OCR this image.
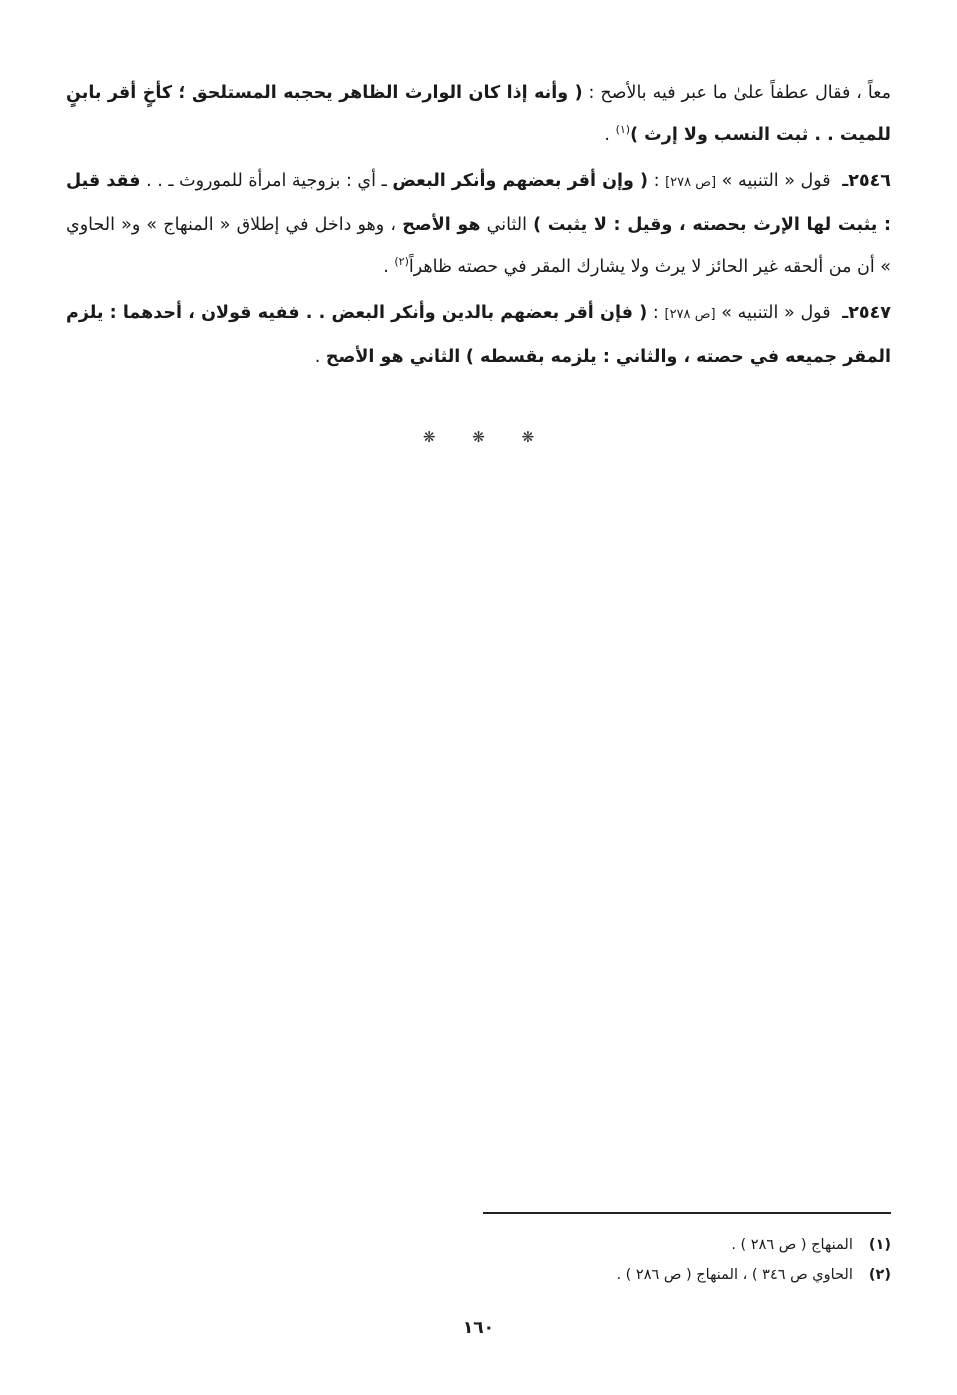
معاً ، فقال عطفاً علىٰ ما عبر فيه بالأصح : ( وأنه إذا كان الوارث الظاهر يحجبه المستلحق ؛ كأخٍ أقر بابنٍ للميت . . ثبت النسب ولا إرث )$^{(١)}$ .

٢٥٤٦ـ قول « التنبيه » [ص ٢٧٨] : ( وإن أقر بعضهم وأنكر البعض ـ أي : بزوجية امرأة للموروث ـ . . فقد قيل : يثبت لها الإرث بحصته ، وقيل : لا يثبت ) الثاني هو الأصح ، وهو داخل في إطلاق « المنهاج » و« الحاوي » أن من ألحقه غير الحائز لا يرث ولا يشارك المقر في حصته ظاهراً$^{(٢)}$ .

٢٥٤٧ـ قول « التنبيه » [ص ٢٧٨] : ( فإن أقر بعضهم بالدين وأنكر البعض . . ففيه قولان ، أحدهما : يلزم المقر جميعه في حصته ، والثاني : يلزمه بقسطه ) الثاني هو الأصح .

❋ ❋ ❋
(١)
المنهاج ( ص ٢٨٦ ) .
(٢)
الحاوي ص ٣٤٦ ) ، المنهاج ( ص ٢٨٦ ) .
١٦٠
